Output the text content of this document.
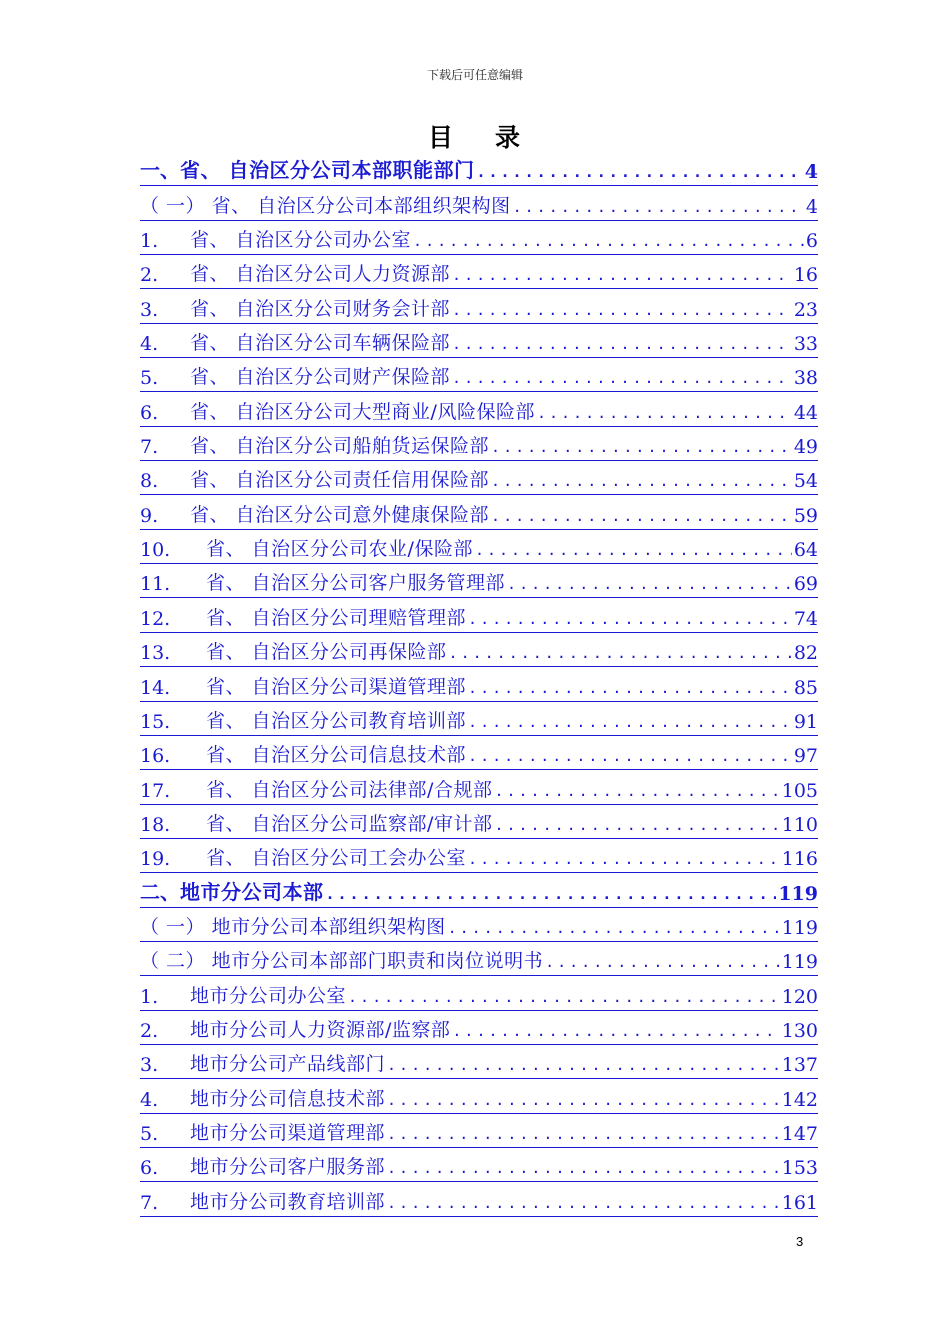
下载后可任意编辑
目 录
一、 省、 自治区分公司本部职能部门 .....	4
（ 一） 省、 自治区分公司本部组织架构图 .....	4
1.	省、 自治区分公司办公室 .....	6
2.	省、 自治区分公司人力资源部 .....	16
3.	省、 自治区分公司财务会计部 .....	23
4.	省、 自治区分公司车辆保险部 .....	33
5.	省、 自治区分公司财产保险部 .....	38
6.	省、 自治区分公司大型商业/风险保险部 .....	44
7.	省、 自治区分公司船舶货运保险部 .....	49
8.	省、 自治区分公司责任信用保险部 .....	54
9.	省、 自治区分公司意外健康保险部 .....	59
10.	省、 自治区分公司农业/保险部 .....	64
11.	省、 自治区分公司客户服务管理部 .....	69
12.	省、 自治区分公司理赔管理部 .....	74
13.	省、 自治区分公司再保险部 .....	82
14.	省、 自治区分公司渠道管理部 .....	85
15.	省、 自治区分公司教育培训部 .....	91
16.	省、 自治区分公司信息技术部 .....	97
17.	省、 自治区分公司法律部/合规部 .....	105
18.	省、 自治区分公司监察部/审计部 .....	110
19.	省、 自治区分公司工会办公室 .....	116
二、 地市分公司本部 .....	119
（ 一） 地市分公司本部组织架构图 .....	119
（ 二） 地市分公司本部部门职责和岗位说明书 .....	119
1.	地市分公司办公室 .....	120
2.	地市分公司人力资源部/监察部 .....	130
3.	地市分公司产品线部门 .....	137
4.	地市分公司信息技术部 .....	142
5.	地市分公司渠道管理部 .....	147
6.	地市分公司客户服务部 .....	153
7.	地市分公司教育培训部 .....	161
3
